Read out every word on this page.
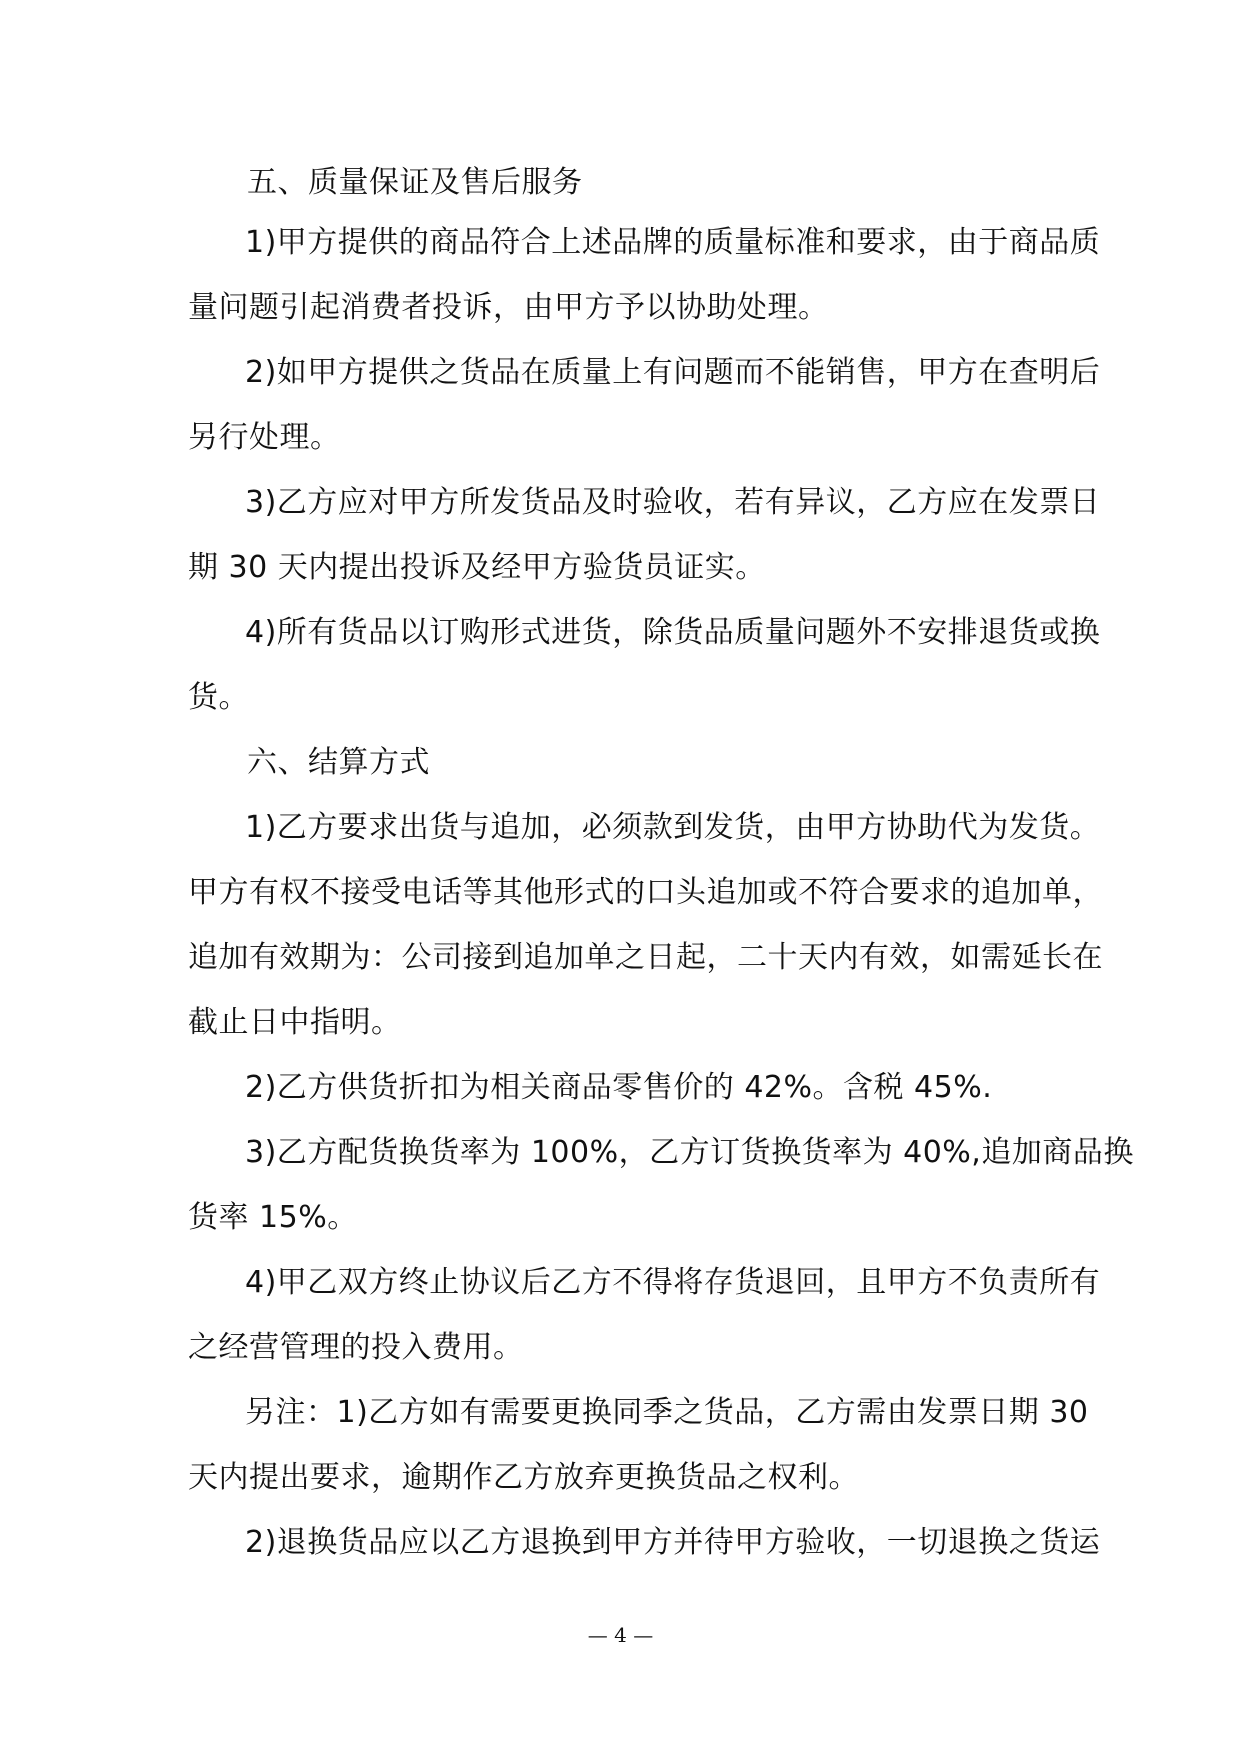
五、质量保证及售后服务
1)甲方提供的商品符合上述品牌的质量标准和要求，由于商品质
量问题引起消费者投诉，由甲方予以协助处理。
2)如甲方提供之货品在质量上有问题而不能销售，甲方在查明后
另行处理。
3)乙方应对甲方所发货品及时验收，若有异议，乙方应在发票日
期 30 天内提出投诉及经甲方验货员证实。
4)所有货品以订购形式进货，除货品质量问题外不安排退货或换
货。
六、结算方式
1)乙方要求出货与追加，必须款到发货，由甲方协助代为发货。
甲方有权不接受电话等其他形式的口头追加或不符合要求的追加单，
追加有效期为：公司接到追加单之日起，二十天内有效，如需延长在
截止日中指明。
2)乙方供货折扣为相关商品零售价的 42%。含税 45%.
3)乙方配货换货率为 100%，乙方订货换货率为 40%,追加商品换
货率 15%。
4)甲乙双方终止协议后乙方不得将存货退回，且甲方不负责所有
之经营管理的投入费用。
另注：1)乙方如有需要更换同季之货品，乙方需由发票日期 30
天内提出要求，逾期作乙方放弃更换货品之权利。
2)退换货品应以乙方退换到甲方并待甲方验收，一切退换之货运
— 4 —
